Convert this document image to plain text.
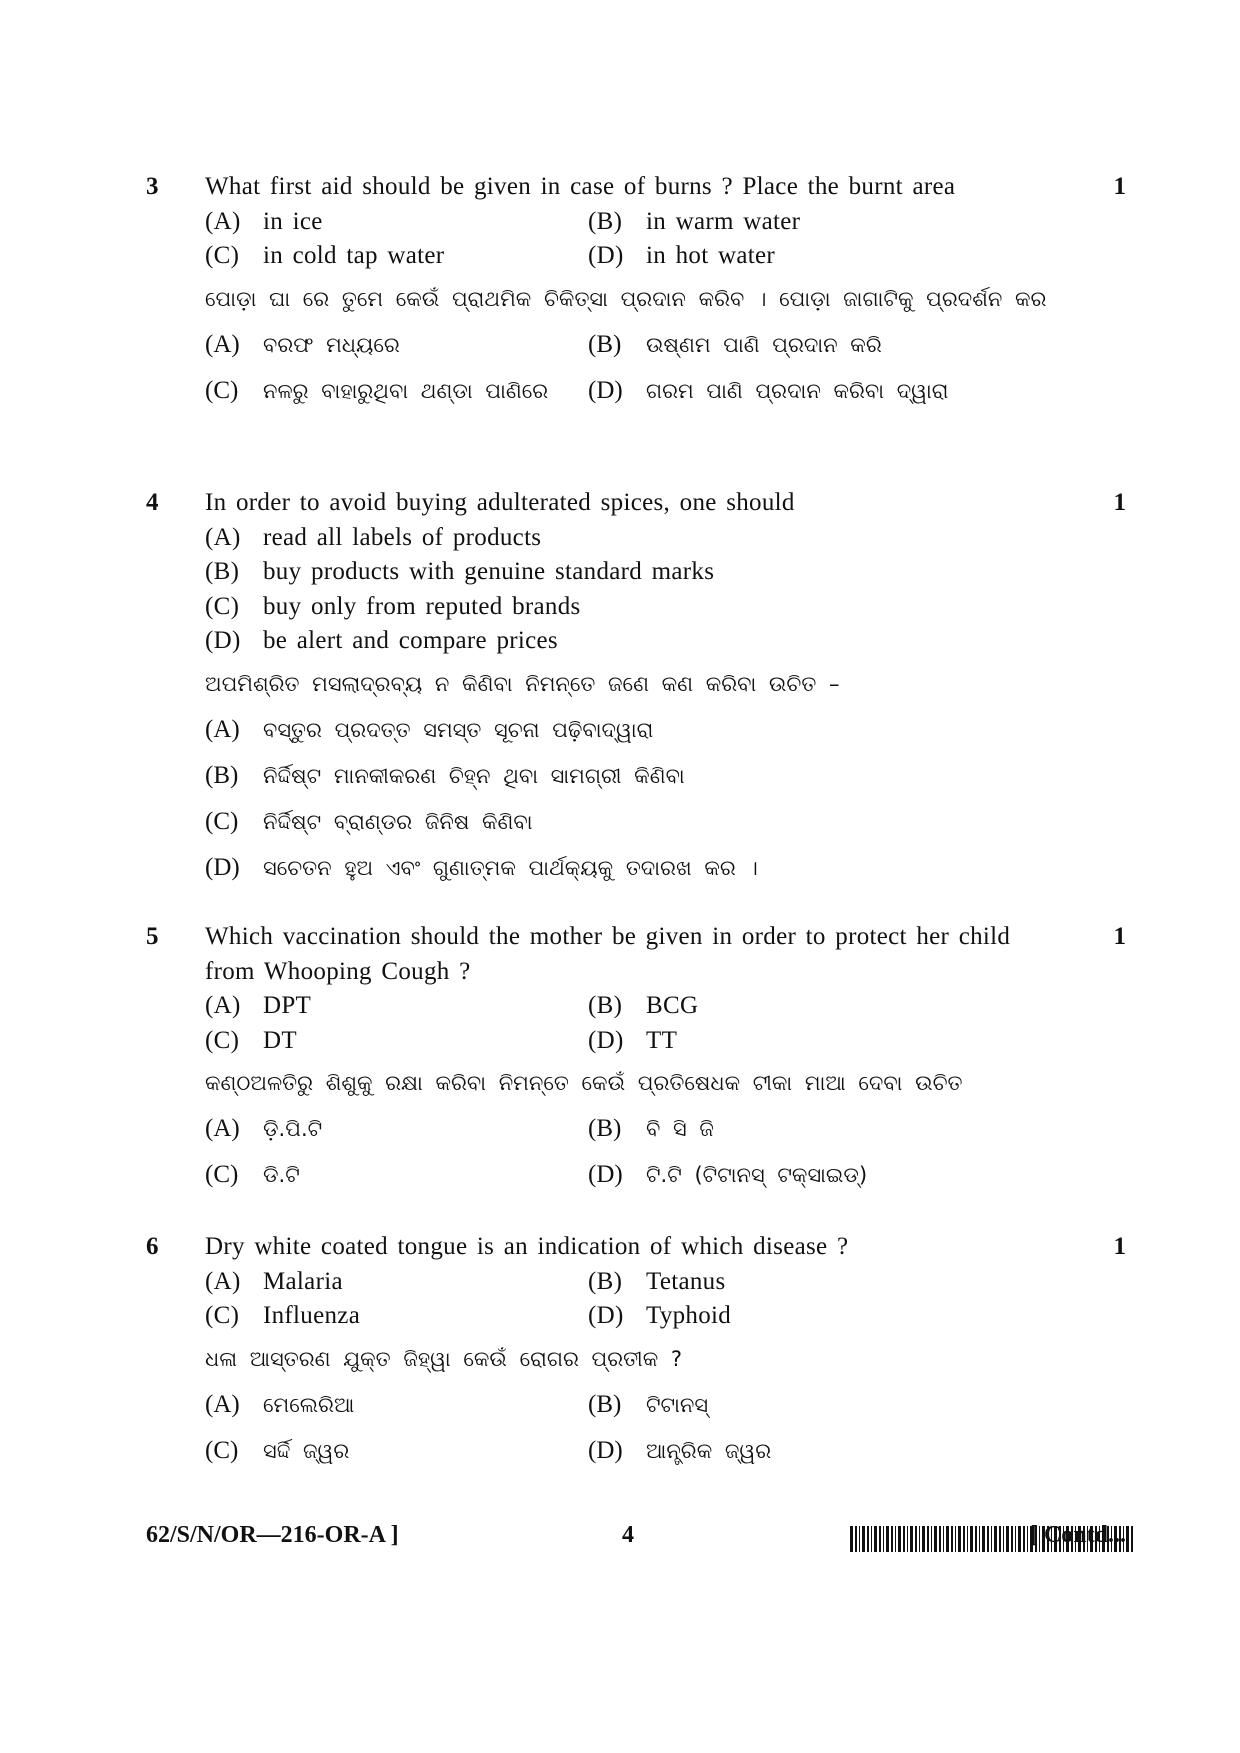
3	1
What first aid should be given in case of burns ? Place the burnt area
(A) in ice	(B) in warm water
(C) in cold tap water	(D) in hot water
ପୋଡ଼ା ଘା ରେ ତୁମେ କେଉଁ ପ୍ରାଥମିକ ଚିକିତ୍ସା ପ୍ରଦାନ କରିବ । ପୋଡ଼ା ଜାଗାଟିକୁ ପ୍ରଦର୍ଶନ କର
(A) ବରଫ ମଧ୍ୟରେ	(B) ଉଷ୍ଣମ ପାଣି ପ୍ରଦାନ କରି
(C) ନଳରୁ ବାହାରୁଥିବା ଥଣ୍ଡା ପାଣିରେ	(D) ଗରମ ପାଣି ପ୍ରଦାନ କରିବା ଦ୍ୱାରା
4	1
In order to avoid buying adulterated spices, one should
(A) read all labels of products
(B) buy products with genuine standard marks
(C) buy only from reputed brands
(D) be alert and compare prices
ଅପମିଶ୍ରିତ ମସଲାଦ୍ରବ୍ୟ ନ କିଣିବା ନିମନ୍ତେ ଜଣେ କଣ କରିବା ଉଚିତ –
(A) ବସ୍ତୁର ପ୍ରଦତ୍ତ ସମସ୍ତ ସୂଚନା ପଢ଼ିବାଦ୍ୱାରା
(B) ନିର୍ଦ୍ଦିଷ୍ଟ ମାନକୀକରଣ ଚିହ୍ନ ଥିବା ସାମଗ୍ରୀ କିଣିବା
(C) ନିର୍ଦ୍ଦିଷ୍ଟ ବ୍ରାଣ୍ଡର ଜିନିଷ କିଣିବା
(D) ସଚେତନ ହୁଅ ଏବଂ ଗୁଣାତ୍ମକ ପାର୍ଥକ୍ୟକୁ ତଦାରଖ କର ।
5	1
Which vaccination should the mother be given in order to protect her child from Whooping Cough ?
(A) DPT	(B) BCG
(C) DT	(D) TT
କଣ୍ଠଅଳତିରୁ ଶିଶୁକୁ ରକ୍ଷା କରିବା ନିମନ୍ତେ କେଉଁ ପ୍ରତିଷେଧକ ଟୀକା ମାଆ ଦେବା ଉଚିତ
(A) ଡ଼ି.ପି.ଟି	(B) ବି ସି ଜି
(C) ଡି.ଟି	(D) ଟି.ଟି (ଟିଟାନସ୍ ଟକ୍ସାଇଡ୍)
6	1
Dry white coated tongue is an indication of which disease ?
(A) Malaria	(B) Tetanus
(C) Influenza	(D) Typhoid
ଧଳା ଆସ୍ତରଣ ଯୁକ୍ତ ଜିହ୍ୱା କେଉଁ ରୋଗର ପ୍ରତୀକ ?
(A) ମେଲେରିଆ	(B) ଟିଟାନସ୍
(C) ସର୍ଦ୍ଦି ଜ୍ୱର	(D) ଆନ୍ତ୍ରିକ ଜ୍ୱର
62/S/N/OR—216-OR-A ]	4	[ Contd...
